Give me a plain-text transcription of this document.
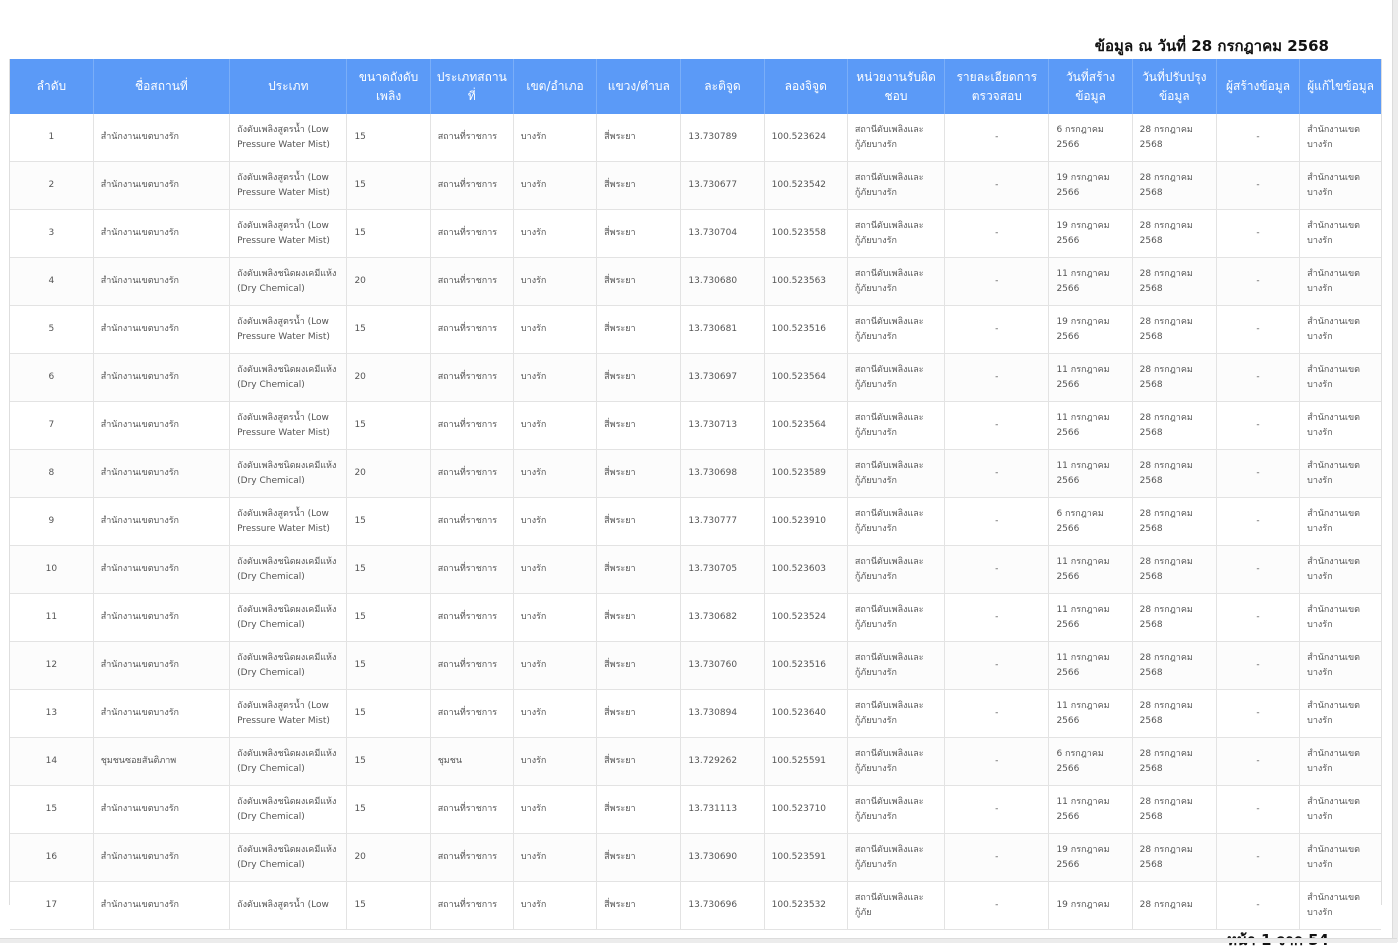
ข้อมูล ณ วันที่ 28 กรกฎาคม 2568
ลำดับ	ชื่อสถานที่	ประเภท	ขนาดถังดับเพลิง	ประเภทสถานที่	เขต/อำเภอ	แขวง/ตำบล	ละติจูด	ลองจิจูด	หน่วยงานรับผิดชอบ	รายละเอียดการตรวจสอบ	วันที่สร้างข้อมูล	วันที่ปรับปรุงข้อมูล	ผู้สร้างข้อมูล	ผู้แก้ไขข้อมูล
1	สำนักงานเขตบางรัก	ถังดับเพลิงสูตรน้ำ (Low Pressure Water Mist)	15	สถานที่ราชการ	บางรัก	สี่พระยา	13.730789	100.523624	สถานีดับเพลิงและกู้ภัยบางรัก	-	6 กรกฎาคม 2566	28 กรกฎาคม 2568	-	สำนักงานเขตบางรัก
2	สำนักงานเขตบางรัก	ถังดับเพลิงสูตรน้ำ (Low Pressure Water Mist)	15	สถานที่ราชการ	บางรัก	สี่พระยา	13.730677	100.523542	สถานีดับเพลิงและกู้ภัยบางรัก	-	19 กรกฎาคม 2566	28 กรกฎาคม 2568	-	สำนักงานเขตบางรัก
3	สำนักงานเขตบางรัก	ถังดับเพลิงสูตรน้ำ (Low Pressure Water Mist)	15	สถานที่ราชการ	บางรัก	สี่พระยา	13.730704	100.523558	สถานีดับเพลิงและกู้ภัยบางรัก	-	19 กรกฎาคม 2566	28 กรกฎาคม 2568	-	สำนักงานเขตบางรัก
4	สำนักงานเขตบางรัก	ถังดับเพลิงชนิดผงเคมีแห้ง (Dry Chemical)	20	สถานที่ราชการ	บางรัก	สี่พระยา	13.730680	100.523563	สถานีดับเพลิงและกู้ภัยบางรัก	-	11 กรกฎาคม 2566	28 กรกฎาคม 2568	-	สำนักงานเขตบางรัก
5	สำนักงานเขตบางรัก	ถังดับเพลิงสูตรน้ำ (Low Pressure Water Mist)	15	สถานที่ราชการ	บางรัก	สี่พระยา	13.730681	100.523516	สถานีดับเพลิงและกู้ภัยบางรัก	-	19 กรกฎาคม 2566	28 กรกฎาคม 2568	-	สำนักงานเขตบางรัก
6	สำนักงานเขตบางรัก	ถังดับเพลิงชนิดผงเคมีแห้ง (Dry Chemical)	20	สถานที่ราชการ	บางรัก	สี่พระยา	13.730697	100.523564	สถานีดับเพลิงและกู้ภัยบางรัก	-	11 กรกฎาคม 2566	28 กรกฎาคม 2568	-	สำนักงานเขตบางรัก
7	สำนักงานเขตบางรัก	ถังดับเพลิงสูตรน้ำ (Low Pressure Water Mist)	15	สถานที่ราชการ	บางรัก	สี่พระยา	13.730713	100.523564	สถานีดับเพลิงและกู้ภัยบางรัก	-	11 กรกฎาคม 2566	28 กรกฎาคม 2568	-	สำนักงานเขตบางรัก
8	สำนักงานเขตบางรัก	ถังดับเพลิงชนิดผงเคมีแห้ง (Dry Chemical)	20	สถานที่ราชการ	บางรัก	สี่พระยา	13.730698	100.523589	สถานีดับเพลิงและกู้ภัยบางรัก	-	11 กรกฎาคม 2566	28 กรกฎาคม 2568	-	สำนักงานเขตบางรัก
9	สำนักงานเขตบางรัก	ถังดับเพลิงสูตรน้ำ (Low Pressure Water Mist)	15	สถานที่ราชการ	บางรัก	สี่พระยา	13.730777	100.523910	สถานีดับเพลิงและกู้ภัยบางรัก	-	6 กรกฎาคม 2566	28 กรกฎาคม 2568	-	สำนักงานเขตบางรัก
10	สำนักงานเขตบางรัก	ถังดับเพลิงชนิดผงเคมีแห้ง (Dry Chemical)	15	สถานที่ราชการ	บางรัก	สี่พระยา	13.730705	100.523603	สถานีดับเพลิงและกู้ภัยบางรัก	-	11 กรกฎาคม 2566	28 กรกฎาคม 2568	-	สำนักงานเขตบางรัก
11	สำนักงานเขตบางรัก	ถังดับเพลิงชนิดผงเคมีแห้ง (Dry Chemical)	15	สถานที่ราชการ	บางรัก	สี่พระยา	13.730682	100.523524	สถานีดับเพลิงและกู้ภัยบางรัก	-	11 กรกฎาคม 2566	28 กรกฎาคม 2568	-	สำนักงานเขตบางรัก
12	สำนักงานเขตบางรัก	ถังดับเพลิงชนิดผงเคมีแห้ง (Dry Chemical)	15	สถานที่ราชการ	บางรัก	สี่พระยา	13.730760	100.523516	สถานีดับเพลิงและกู้ภัยบางรัก	-	11 กรกฎาคม 2566	28 กรกฎาคม 2568	-	สำนักงานเขตบางรัก
13	สำนักงานเขตบางรัก	ถังดับเพลิงสูตรน้ำ (Low Pressure Water Mist)	15	สถานที่ราชการ	บางรัก	สี่พระยา	13.730894	100.523640	สถานีดับเพลิงและกู้ภัยบางรัก	-	11 กรกฎาคม 2566	28 กรกฎาคม 2568	-	สำนักงานเขตบางรัก
14	ชุมชนซอยสันติภาพ	ถังดับเพลิงชนิดผงเคมีแห้ง (Dry Chemical)	15	ชุมชน	บางรัก	สี่พระยา	13.729262	100.525591	สถานีดับเพลิงและกู้ภัยบางรัก	-	6 กรกฎาคม 2566	28 กรกฎาคม 2568	-	สำนักงานเขตบางรัก
15	สำนักงานเขตบางรัก	ถังดับเพลิงชนิดผงเคมีแห้ง (Dry Chemical)	15	สถานที่ราชการ	บางรัก	สี่พระยา	13.731113	100.523710	สถานีดับเพลิงและกู้ภัยบางรัก	-	11 กรกฎาคม 2566	28 กรกฎาคม 2568	-	สำนักงานเขตบางรัก
16	สำนักงานเขตบางรัก	ถังดับเพลิงชนิดผงเคมีแห้ง (Dry Chemical)	20	สถานที่ราชการ	บางรัก	สี่พระยา	13.730690	100.523591	สถานีดับเพลิงและกู้ภัยบางรัก	-	19 กรกฎาคม 2566	28 กรกฎาคม 2568	-	สำนักงานเขตบางรัก
17	สำนักงานเขตบางรัก	ถังดับเพลิงสูตรน้ำ (Low	15	สถานที่ราชการ	บางรัก	สี่พระยา	13.730696	100.523532	สถานีดับเพลิงและกู้ภัย	-	19 กรกฎาคม	28 กรกฎาคม	-	สำนักงานเขตบางรัก
